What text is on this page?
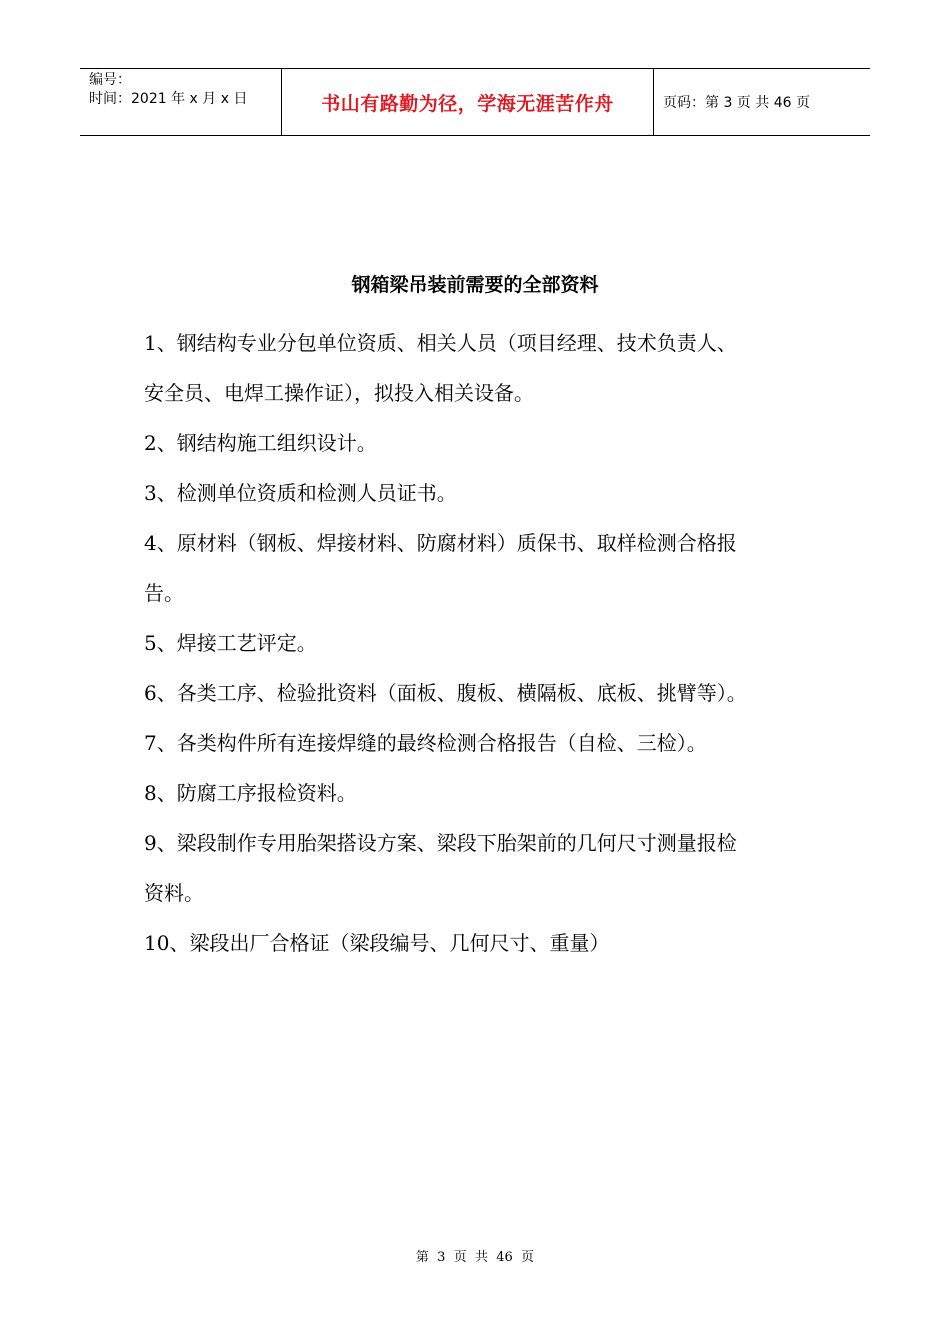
编号：
时间：2021 年 x 月 x 日	书山有路勤为径，学海无涯苦作舟	页码：第 3 页 共 46 页
钢箱梁吊装前需要的全部资料
1、钢结构专业分包单位资质、相关人员（项目经理、技术负责人、
安全员、电焊工操作证），拟投入相关设备。
2、钢结构施工组织设计。
3、检测单位资质和检测人员证书。
4、原材料（钢板、焊接材料、防腐材料）质保书、取样检测合格报
告。
5、焊接工艺评定。
6、各类工序、检验批资料（面板、腹板、横隔板、底板、挑臂等）。
7、各类构件所有连接焊缝的最终检测合格报告（自检、三检）。
8、防腐工序报检资料。
9、梁段制作专用胎架搭设方案、梁段下胎架前的几何尺寸测量报检
资料。
10、梁段出厂合格证（梁段编号、几何尺寸、重量）
第  3  页  共  46  页
